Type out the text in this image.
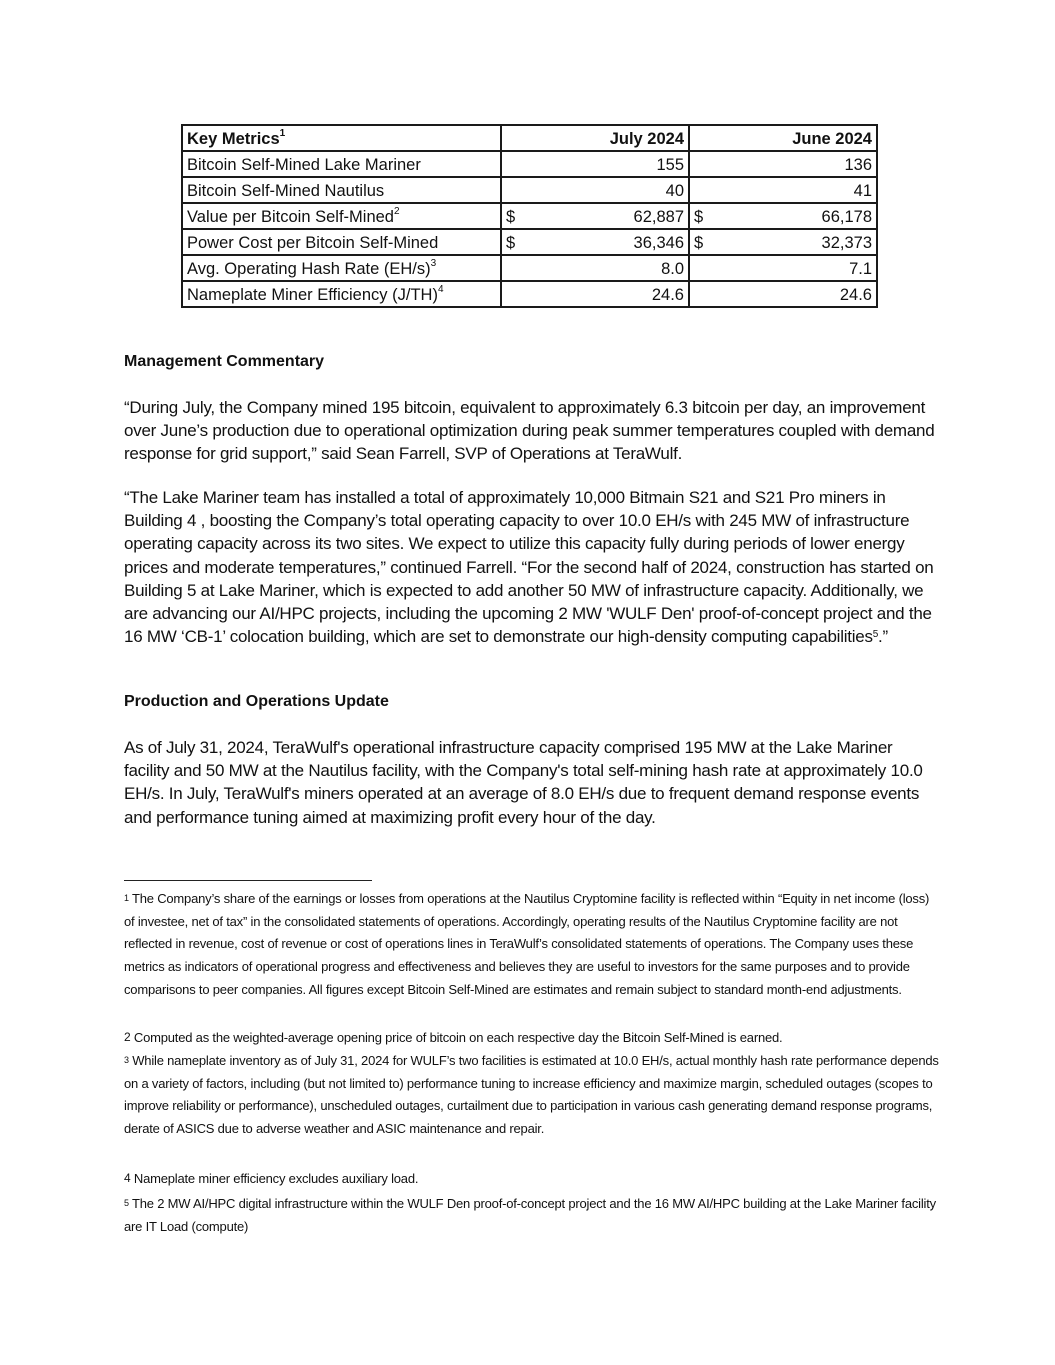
Key Metrics$^1$	July 2024	June 2024
Bitcoin Self-Mined Lake Mariner	155	136
Bitcoin Self-Mined Nautilus	40	41
Value per Bitcoin Self-Mined$^2$	$ 62,887	$ 66,178
Power Cost per Bitcoin Self-Mined	$ 36,346	$ 32,373
Avg. Operating Hash Rate $(EH/s)^3$	8.0	7.1
Nameplate Miner Efficiency $(J/TH)^4$	24.6	24.6
Management Commentary

“During July, the Company mined 195 bitcoin, equivalent to approximately 6.3 bitcoin per day, an improvement over June’s production due to operational optimization during peak summer temperatures coupled with demand response for grid support,” said Sean Farrell, SVP of Operations at TeraWulf.

“The Lake Mariner team has installed a total of approximately 10,000 Bitmain S21 and S21 Pro miners in Building 4 , boosting the Company’s total operating capacity to over 10.0 EH/s with 245 MW of infrastructure operating capacity across its two sites. We expect to utilize this capacity fully during periods of lower energy prices and moderate temperatures,” continued Farrell. “For the second half of 2024, construction has started on Building 5 at Lake Mariner, which is expected to add another 50 MW of infrastructure capacity. Additionally, we are advancing our AI/HPC projects, including the upcoming 2 MW 'WULF Den' proof-of-concept project and the 16 MW ‘CB-1’ colocation building, which are set to demonstrate our high-density computing capabilities$^5$.”

Production and Operations Update

As of July 31, 2024, TeraWulf's operational infrastructure capacity comprised 195 MW at the Lake Mariner facility and 50 MW at the Nautilus facility, with the Company's total self-mining hash rate at approximately 10.0 EH/s. In July, TeraWulf's miners operated at an average of 8.0 EH/s due to frequent demand response events and performance tuning aimed at maximizing profit every hour of the day.

$^1$ The Company’s share of the earnings or losses from operations at the Nautilus Cryptomine facility is reflected within “Equity in net income (loss) of investee, net of tax” in the consolidated statements of operations. Accordingly, operating results of the Nautilus Cryptomine facility are not reflected in revenue, cost of revenue or cost of operations lines in TeraWulf’s consolidated statements of operations. The Company uses these metrics as indicators of operational progress and effectiveness and believes they are useful to investors for the same purposes and to provide comparisons to peer companies. All figures except Bitcoin Self-Mined are estimates and remain subject to standard month-end adjustments.

$^2$ Computed as the weighted-average opening price of bitcoin on each respective day the Bitcoin Self-Mined is earned.

$^3$ While nameplate inventory as of July 31, 2024 for WULF’s two facilities is estimated at 10.0 EH/s, actual monthly hash rate performance depends on a variety of factors, including (but not limited to) performance tuning to increase efficiency and maximize margin, scheduled outages (scopes to improve reliability or performance), unscheduled outages, curtailment due to participation in various cash generating demand response programs, derate of ASICS due to adverse weather and ASIC maintenance and repair.

$^4$ Nameplate miner efficiency excludes auxiliary load.

$^5$ The 2 MW AI/HPC digital infrastructure within the WULF Den proof-of-concept project and the 16 MW AI/HPC building at the Lake Mariner facility are IT Load (compute)
